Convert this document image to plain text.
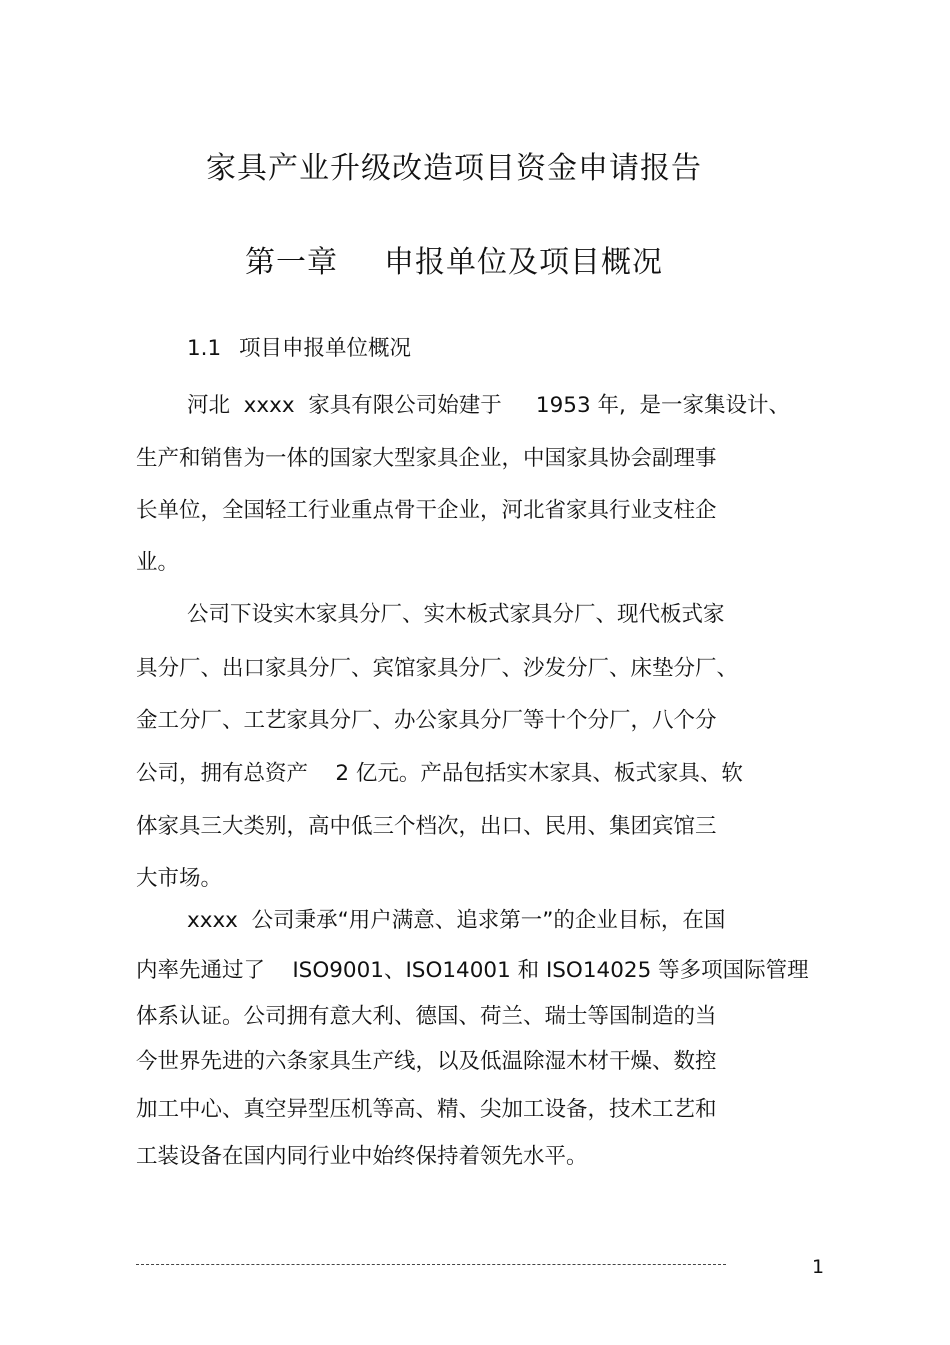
家具产业升级改造项目资金申请报告
第一章 申报单位及项目概况
1.1 项目申报单位概况
河北  xxxx  家具有限公司始建于     1953 年,  是一家集设计、
生产和销售为一体的国家大型家具企业，中国家具协会副理事
长单位，全国轻工行业重点骨干企业，河北省家具行业支柱企
业。
公司下设实木家具分厂、实木板式家具分厂、现代板式家
具分厂、出口家具分厂、宾馆家具分厂、沙发分厂、床垫分厂、
金工分厂、工艺家具分厂、办公家具分厂等十个分厂，八个分
公司，拥有总资产    2 亿元。产品包括实木家具、板式家具、软
体家具三大类别，高中低三个档次，出口、民用、集团宾馆三
大市场。
xxxx  公司秉承“用户满意、追求第一”的企业目标，在国
内率先通过了    ISO9001、ISO14001 和 ISO14025 等多项国际管理
体系认证。公司拥有意大利、德国、荷兰、瑞士等国制造的当
今世界先进的六条家具生产线，以及低温除湿木材干燥、数控
加工中心、真空异型压机等高、精、尖加工设备，技术工艺和
工装设备在国内同行业中始终保持着领先水平。
1
